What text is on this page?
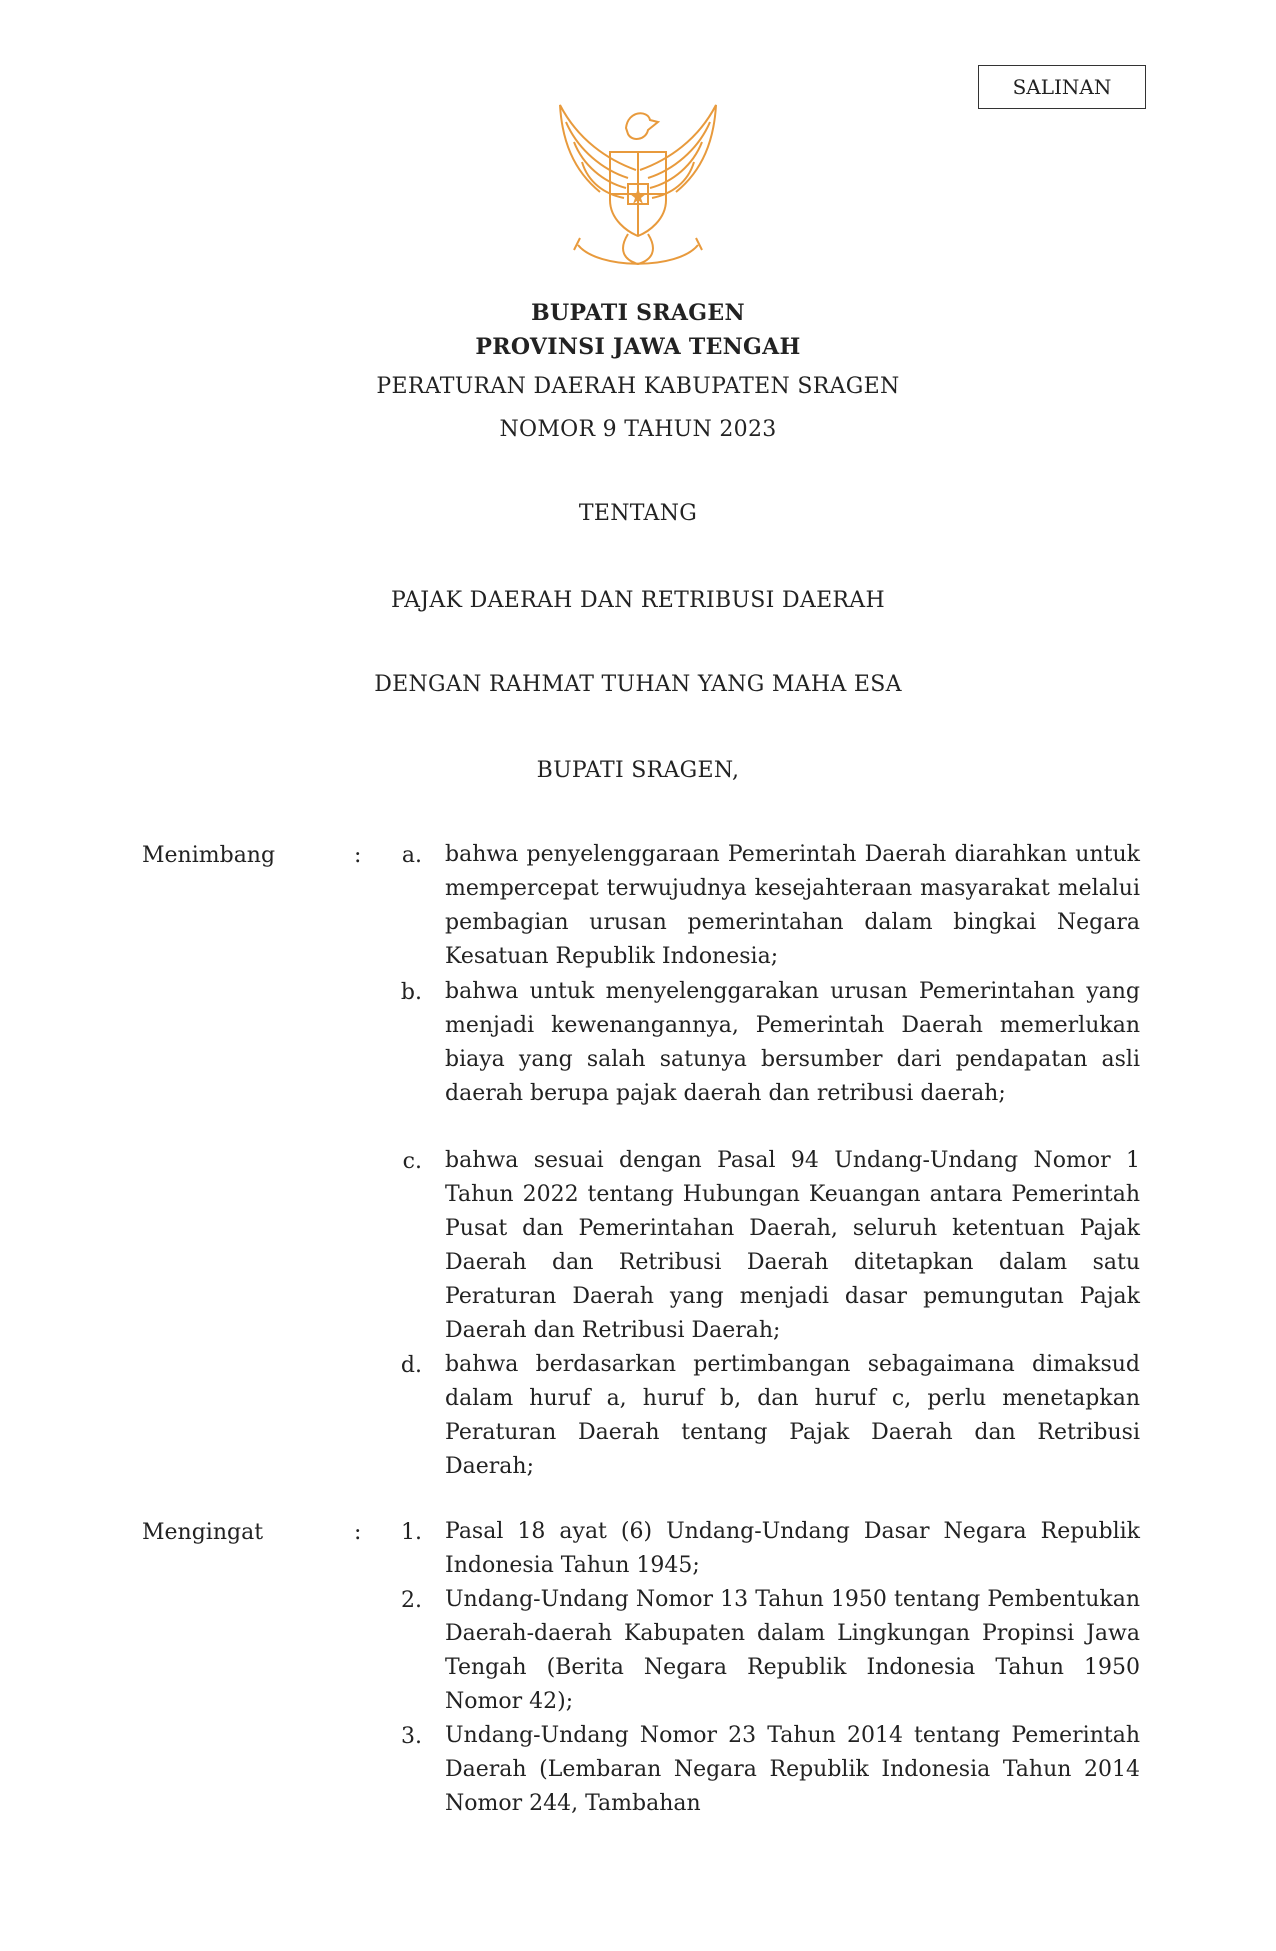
SALINAN
BUPATI SRAGEN
PROVINSI JAWA TENGAH
PERATURAN DAERAH KABUPATEN SRAGEN
NOMOR 9 TAHUN 2023
TENTANG
PAJAK DAERAH DAN RETRIBUSI DAERAH
DENGAN RAHMAT TUHAN YANG MAHA ESA
BUPATI SRAGEN,
Menimbang	: a. bahwa penyelenggaraan Pemerintah Daerah diarahkan untuk mempercepat terwujudnya kesejahteraan masyarakat melalui pembagian urusan pemerintahan dalam bingkai Negara Kesatuan Republik Indonesia;
b. bahwa untuk menyelenggarakan urusan Pemerintahan yang menjadi kewenangannya, Pemerintah Daerah memerlukan biaya yang salah satunya bersumber dari pendapatan asli daerah berupa pajak daerah dan retribusi daerah;
c. bahwa sesuai dengan Pasal 94 Undang-Undang Nomor 1 Tahun 2022 tentang Hubungan Keuangan antara Pemerintah Pusat dan Pemerintahan Daerah, seluruh ketentuan Pajak Daerah dan Retribusi Daerah ditetapkan dalam satu Peraturan Daerah yang menjadi dasar pemungutan Pajak Daerah dan Retribusi Daerah;
d. bahwa berdasarkan pertimbangan sebagaimana dimaksud dalam huruf a, huruf b, dan huruf c, perlu menetapkan Peraturan Daerah tentang Pajak Daerah dan Retribusi Daerah;
Mengingat	: 1. Pasal 18 ayat (6) Undang-Undang Dasar Negara Republik Indonesia Tahun 1945;
2. Undang-Undang Nomor 13 Tahun 1950 tentang Pembentukan Daerah-daerah Kabupaten dalam Lingkungan Propinsi Jawa Tengah (Berita Negara Republik Indonesia Tahun 1950 Nomor 42);
3. Undang-Undang Nomor 23 Tahun 2014 tentang Pemerintah Daerah (Lembaran Negara Republik Indonesia Tahun 2014 Nomor 244, Tambahan
